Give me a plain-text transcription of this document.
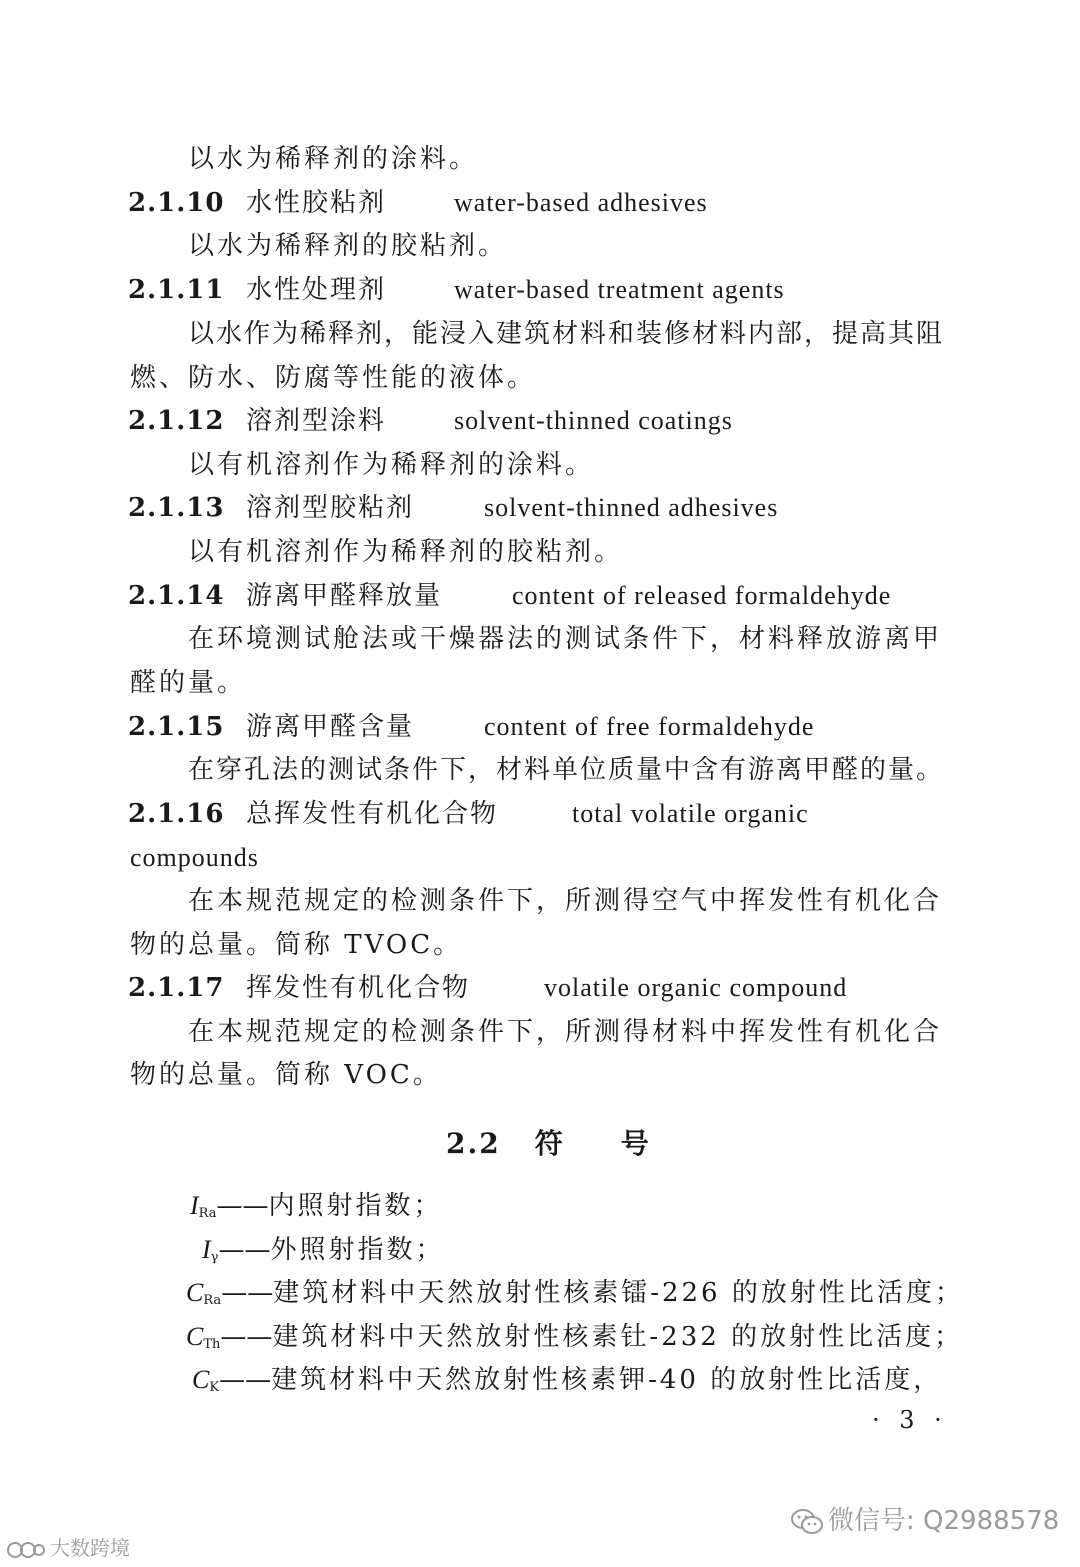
以水为稀释剂的涂料。
2.1.10 水性胶粘剂	water-based adhesives
以水为稀释剂的胶粘剂。
2.1.11 水性处理剂	water-based treatment agents
以水作为稀释剂，能浸入建筑材料和装修材料内部，提高其阻
燃、防水、防腐等性能的液体。
2.1.12 溶剂型涂料	solvent-thinned coatings
以有机溶剂作为稀释剂的涂料。
2.1.13 溶剂型胶粘剂	solvent-thinned adhesives
以有机溶剂作为稀释剂的胶粘剂。
2.1.14 游离甲醛释放量	content of released formaldehyde
在环境测试舱法或干燥器法的测试条件下，材料释放游离甲
醛的量。
2.1.15 游离甲醛含量	content of free formaldehyde
在穿孔法的测试条件下，材料单位质量中含有游离甲醛的量。
2.1.16 总挥发性有机化合物	total volatile organic
compounds
在本规范规定的检测条件下，所测得空气中挥发性有机化合
物的总量。简称 TVOC。
2.1.17 挥发性有机化合物	volatile organic compound
在本规范规定的检测条件下，所测得材料中挥发性有机化合
物的总量。简称 VOC。
2.2 符号
$I_{Ra}——$内照射指数；
$I_\gamma——$外照射指数；
$C_{Ra}——$建筑材料中天然放射性核素镭-226 的放射性比活度；
$C_{Th}——$建筑材料中天然放射性核素钍-232 的放射性比活度；
$C_K——$建筑材料中天然放射性核素钾-40 的放射性比活度，
· 3 ·
微信号: Q2988578
大数跨境
